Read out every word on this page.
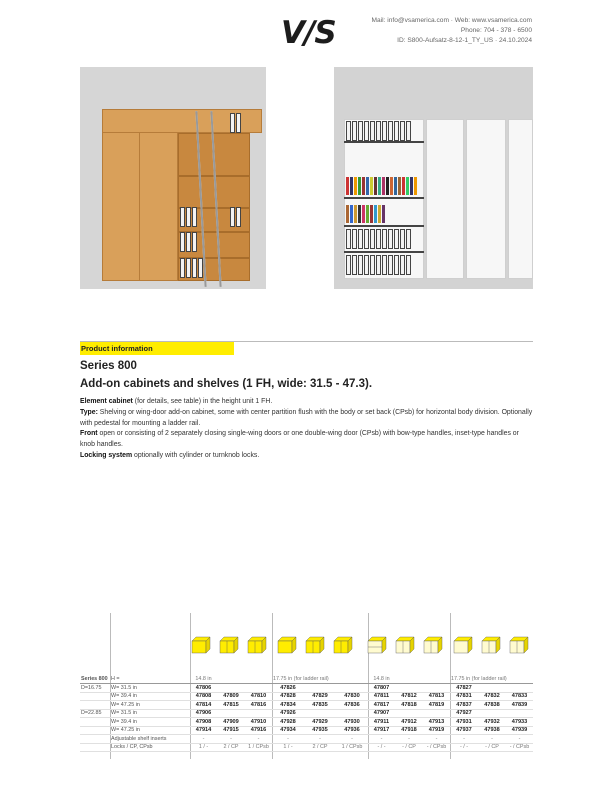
V/S	Mail: info@vsamerica.com · Web: www.vsamerica.com
Phone: 704 - 378 - 6500
ID: S800-Aufsatz-8-12-1_TY_US · 24.10.2024
Product information
Series 800
Add-on cabinets and shelves (1 FH, wide: 31.5 - 47.3).

Element cabinet (for details, see table) in the height unit 1 FH.

Type: Shelving or wing-door add-on cabinet, some with center partition flush with the body or set back (CPsb) for horizontal body division. Optionally with pedestal for mounting a ladder rail.

Front open or consisting of 2 separately closing single-wing doors or one double-wing door (CPsb) with bow-type handles, inset-type handles or knob handles.

Locking system optionally with cylinder or turnknob locks.

Series 800	H =	14.8 in			17.75 in (for ladder rail)			14.8 in			17.75 in (for ladder rail)		
D=16.75	W= 31.5 in	47806			47826			47807			47827		
	W= 39.4 in	47808	47809	47810	47828	47829	47830	47811	47812	47813	47831	47832	47833
	W= 47.25 in	47814	47815	47816	47834	47835	47836	47817	47818	47819	47837	47838	47839
D=22.85	W= 31.5 in	47906			47926			47907			47927		
	W= 39.4 in	47908	47909	47910	47928	47929	47930	47911	47912	47913	47931	47932	47933
	W= 47.25 in	47914	47915	47916	47934	47935	47936	47917	47918	47919	47937	47938	47939
	Adjustable shelf inserts	-	-	-	-	-	-	-	-	-	-	-	-
	Locks / CP, CPsb	1 / -	2 / CP	1 / CPsb	1 / -	2 / CP	1 / CPsb	- / -	- / CP	- / CPsb	- / -	- / CP	- / CPsb
